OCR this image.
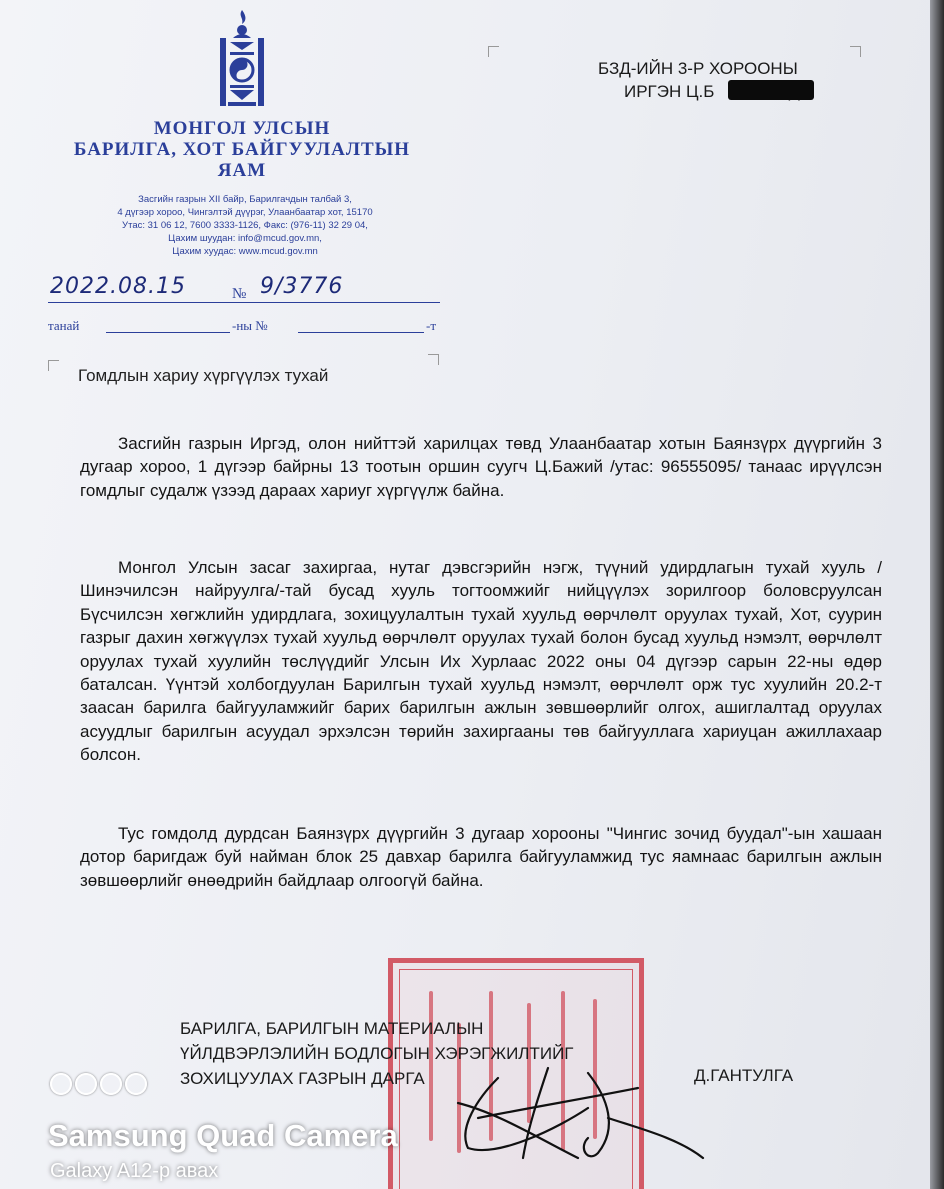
МОНГОЛ УЛСЫН
БАРИЛГА, ХОТ БАЙГУУЛАЛТЫН
ЯАМ
Засгийн газрын XII байр, Барилгачдын талбай 3,
4 дүгээр хороо, Чингэлтэй дүүрэг, Улаанбаатар хот, 15170
Утас: 31 06 12, 7600 3333-1126, Факс: (976-11) 32 29 04,
Цахим шуудан: info@mcud.gov.mn,
Цахим хуудас: www.mcud.gov.mn
2022.08.15	№ 9/3776
танай	-ны №	-т
БЗД-ИЙН 3-Р ХОРООНЫ
ИРГЭН Ц.Б
Гомдлын хариу хүргүүлэх тухай
Засгийн газрын Иргэд, олон нийттэй харилцах төвд Улаанбаатар хотын Баянзүрх дүүргийн 3 дугаар хороо, 1 дүгээр байрны 13 тоотын оршин суугч Ц.Бажий /утас: 96555095/ танаас ирүүлсэн гомдлыг судалж үзээд дараах хариуг хүргүүлж байна.
Монгол Улсын засаг захиргаа, нутаг дэвсгэрийн нэгж, түүний удирдлагын тухай хууль /Шинэчилсэн найруулга/-тай бусад хууль тогтоомжийг нийцүүлэх зорилгоор боловсруулсан Бүсчилсэн хөгжлийн удирдлага, зохицуулалтын тухай хуульд өөрчлөлт оруулах тухай, Хот, суурин газрыг дахин хөгжүүлэх тухай хуульд өөрчлөлт оруулах тухай болон бусад хуульд нэмэлт, өөрчлөлт оруулах тухай хуулийн төслүүдийг Улсын Их Хурлаас 2022 оны 04 дүгээр сарын 22-ны өдөр баталсан. Үүнтэй холбогдуулан Барилгын тухай хуульд нэмэлт, өөрчлөлт орж тус хуулийн 20.2-т заасан барилга байгууламжийг барих барилгын ажлын зөвшөөрлийг олгох, ашиглалтад оруулах асуудлыг барилгын асуудал эрхэлсэн төрийн захиргааны төв байгууллага хариуцан ажиллахаар болсон.
Тус гомдолд дурдсан Баянзүрх дүүргийн 3 дугаар хорооны "Чингис зочид буудал"-ын хашаан дотор баригдаж буй найман блок 25 давхар барилга байгууламжид тус яамнаас барилгын ажлын зөвшөөрлийг өнөөдрийн байдлаар олгоогүй байна.
БАРИЛГА, БАРИЛГЫН МАТЕРИАЛЫН
ҮЙЛДВЭРЛЭЛИЙН БОДЛОГЫН ХЭРЭГЖИЛТИЙГ
ЗОХИЦУУЛАХ ГАЗРЫН ДАРГА	Д.ГАНТУЛГА
Samsung Quad Camera
Galaxy A12-р авах
